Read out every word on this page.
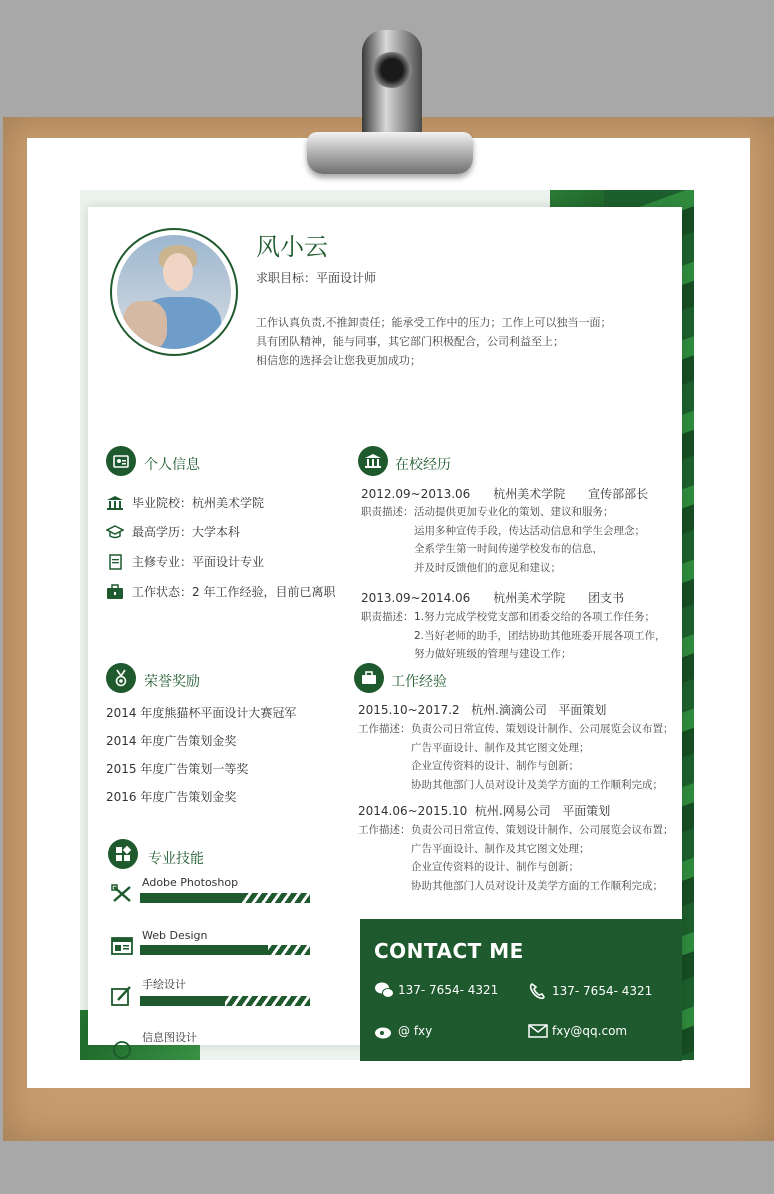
风小云
求职目标：平面设计师
工作认真负责,不推卸责任；能承受工作中的压力；工作上可以独当一面；
具有团队精神，能与同事，其它部门积极配合，公司利益至上；
相信您的选择会让您我更加成功；
个人信息
毕业院校：杭州美术学院
最高学历：大学本科
主修专业：平面设计专业
工作状态：2 年工作经验，目前已离职
荣誉奖励
2014 年度熊猫杯平面设计大赛冠军
2014 年度广告策划金奖
2015 年度广告策划一等奖
2016 年度广告策划金奖
专业技能
Adobe Photoshop
Web Design
手绘设计
信息图设计
在校经历
2012.09~2013.06      杭州美术学院      宣传部部长
职责描述： 活动提供更加专业化的策划、建议和服务；
运用多种宣传手段，传达活动信息和学生会理念；
全系学生第一时间传递学校发布的信息，
并及时反馈他们的意见和建议；
2013.09~2014.06      杭州美术学院      团支书
职责描述： 1.努力完成学校党支部和团委交给的各项工作任务；
2.当好老师的助手，团结协助其他班委开展各项工作，
努力做好班级的管理与建设工作；
工作经验
2015.10~2017.2   杭州.滴滴公司   平面策划
工作描述： 负责公司日常宣传、策划设计制作、公司展览会议布置；
广告平面设计、制作及其它图文处理；
企业宣传资料的设计、制作与创新；
协助其他部门人员对设计及美学方面的工作顺利完成；
2014.06~2015.10  杭州.网易公司   平面策划
工作描述： 负责公司日常宣传、策划设计制作、公司展览会议布置；
广告平面设计、制作及其它图文处理；
企业宣传资料的设计、制作与创新；
协助其他部门人员对设计及美学方面的工作顺利完成；
CONTACT ME
137- 7654- 4321	137- 7654- 4321
@ fxy	fxy@qq.com
